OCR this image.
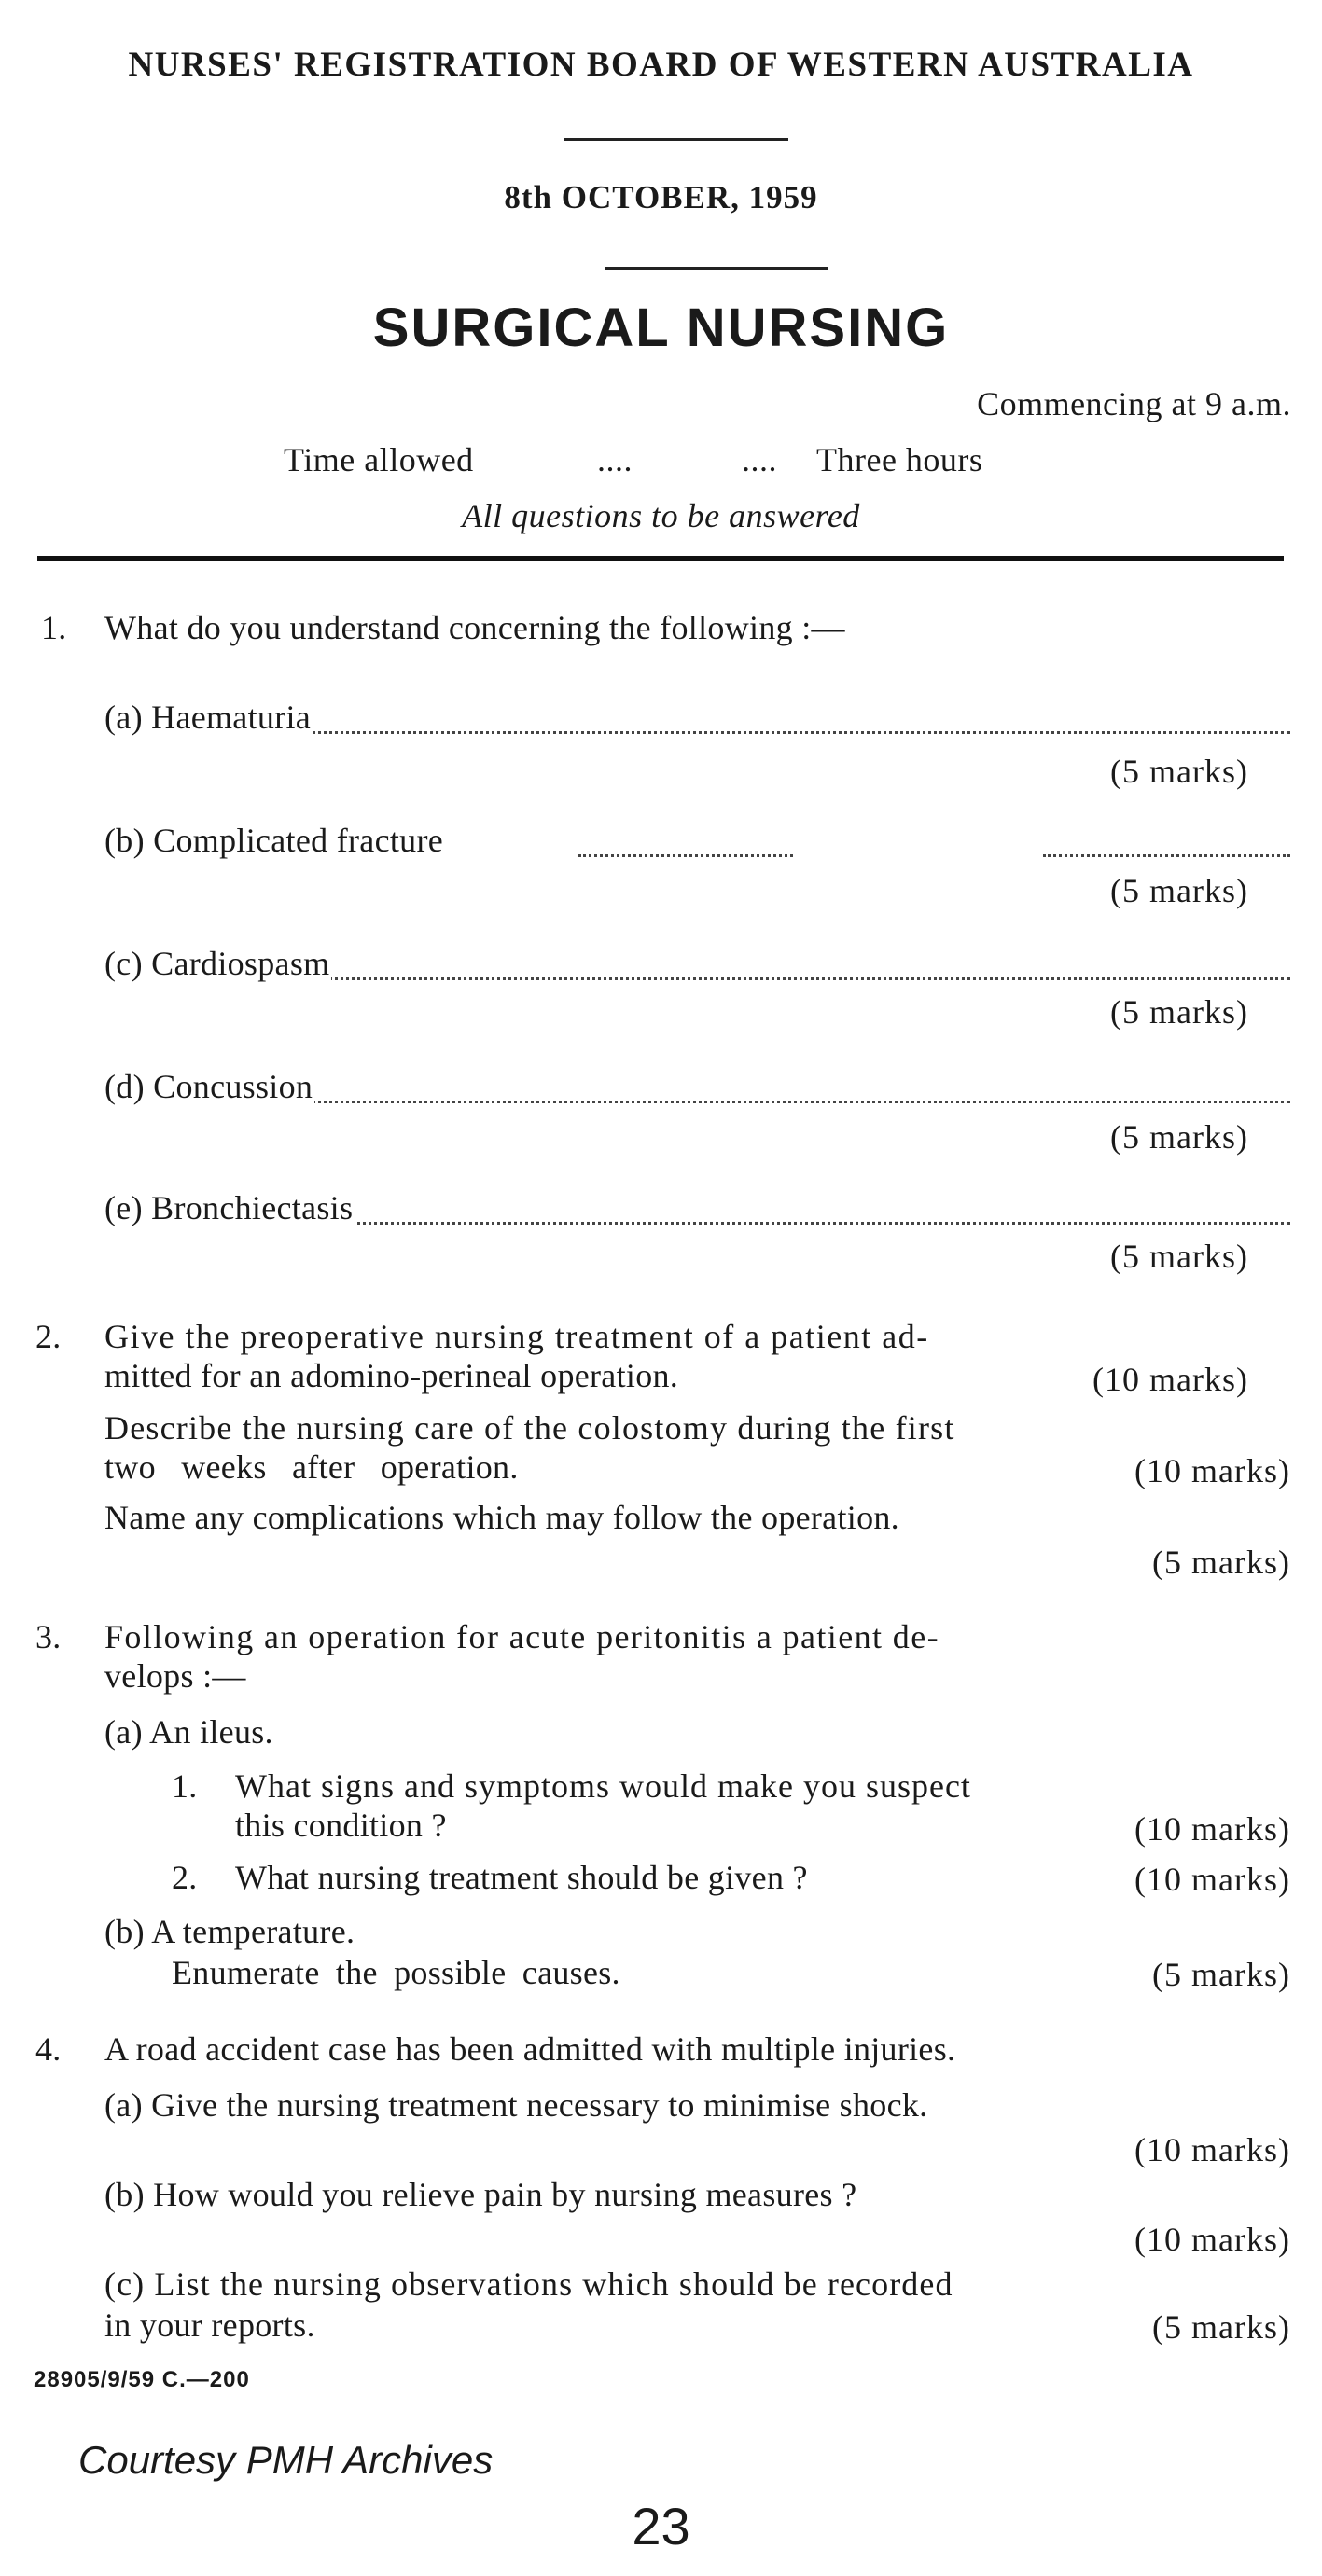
NURSES' REGISTRATION BOARD OF WESTERN AUSTRALIA
8th OCTOBER, 1959
SURGICAL NURSING
Commencing at 9 a.m.
Time allowed	....	.... Three hours
All questions to be answered
1. What do you understand concerning the following :—
(a) Haematuria
(5 marks)
(b) Complicated fracture
(5 marks)
(c) Cardiospasm
(5 marks)
(d) Concussion
(5 marks)
(e) Bronchiectasis
(5 marks)
2. Give the preoperative nursing treatment of a patient ad-
mitted for an adomino-perineal operation.	(10 marks)
Describe the nursing care of the colostomy during the first
two weeks after operation.	(10 marks)
Name any complications which may follow the operation.
(5 marks)
3. Following an operation for acute peritonitis a patient de-
velops :—
(a) An ileus.
1. What signs and symptoms would make you suspect
this condition ?	(10 marks)
2. What nursing treatment should be given ?	(10 marks)
(b) A temperature.
Enumerate the possible causes.	(5 marks)
4. A road accident case has been admitted with multiple injuries.
(a) Give the nursing treatment necessary to minimise shock.
(10 marks)
(b) How would you relieve pain by nursing measures ?
(10 marks)
(c) List the nursing observations which should be recorded
in your reports.	(5 marks)
28905/9/59 C.—200
Courtesy PMH Archives
23
